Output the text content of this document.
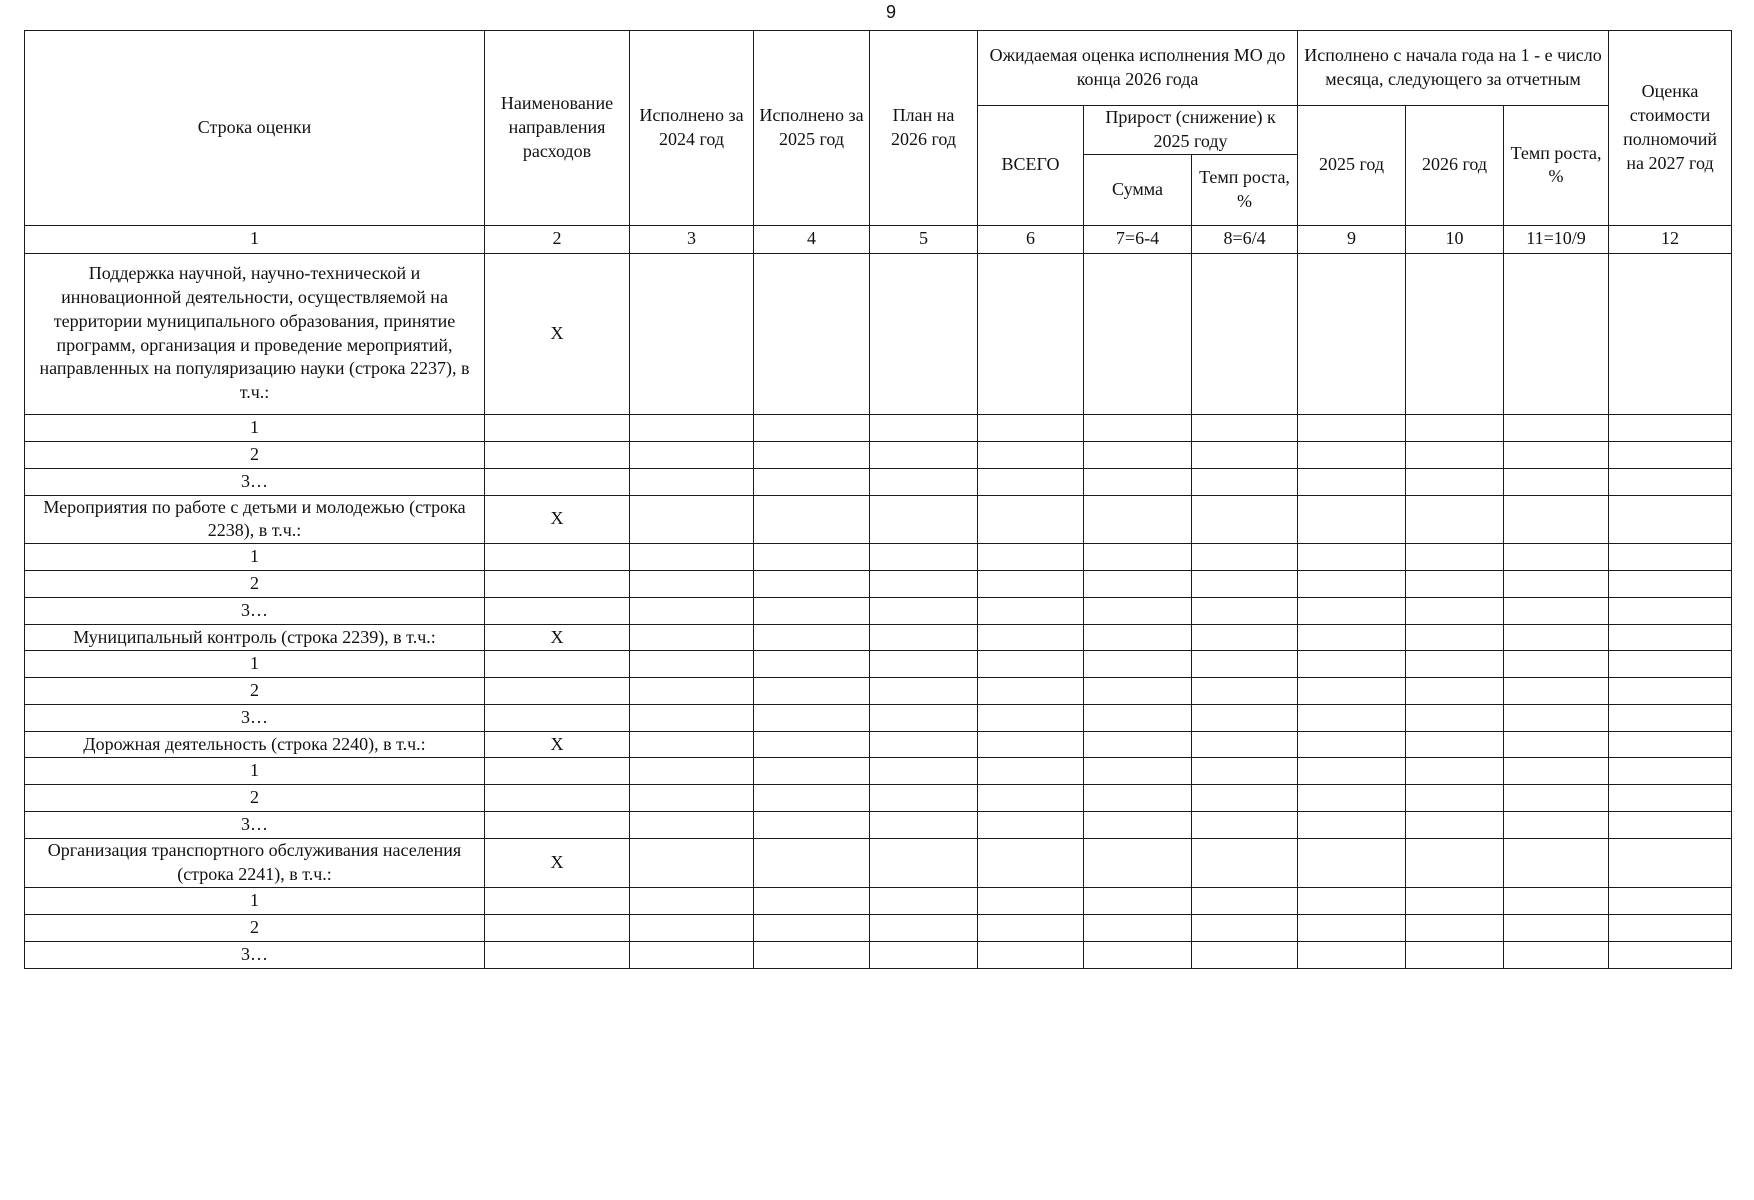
9
Строка оценки	Наименование направления расходов	Исполнено за 2024 год	Исполнено за 2025 год	План на 2026 год	Ожидаемая оценка исполнения МО до конца 2026 года			Исполнено с начала года на 1 - е число месяца, следующего за отчетным			Оценка стоимости полномочий на 2027 год
					ВСЕГО	Прирост (снижение) к 2025 году		2025 год	2026 год	Темп роста, %	
						Сумма	Темп роста, %				
1	2	3	4	5	6	7=6-4	8=6/4	9	10	11=10/9	12
Поддержка научной, научно-технической и инновационной деятельности, осуществляемой на территории муниципального образования, принятие программ, организация и проведение мероприятий, направленных на популяризацию науки (строка 2237), в т.ч.:	X										
1											
2											
3…											
Мероприятия по работе с детьми и молодежью (строка 2238), в т.ч.:	X										
1											
2											
3…											
Муниципальный контроль (строка 2239), в т.ч.:	X										
1											
2											
3…											
Дорожная деятельность (строка 2240), в т.ч.:	X										
1											
2											
3…											
Организация транспортного обслуживания населения (строка 2241), в т.ч.:	X										
1											
2											
3…											
